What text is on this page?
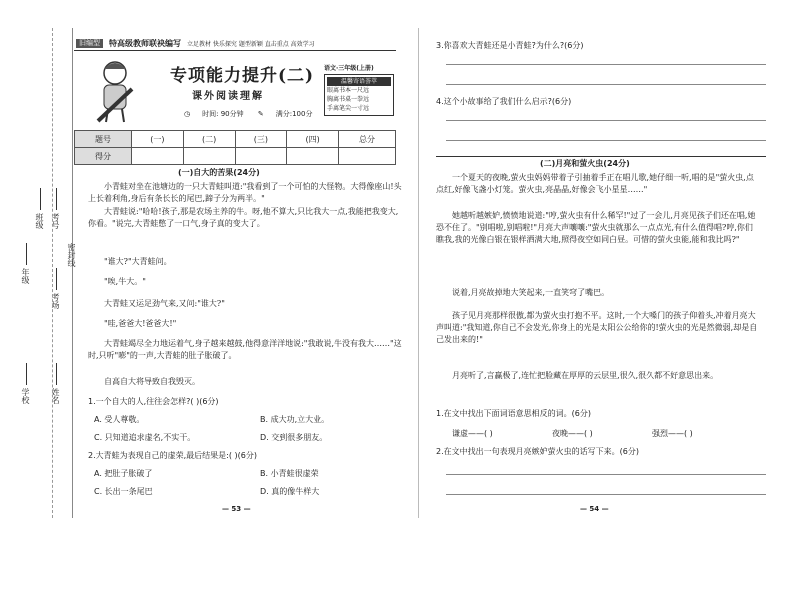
班级 考号
年级
考场
密封线
学校	姓名
旧编型	特高级教师联袂编写 立足教材 快乐探究 题型新颖 直击重点 高效学习
专项能力提升(二)
课外阅读理解
◷ 时间: 90分钟 ✎ 满分:100分
语文·三年级(上册)
温馨寄语荟萃
眼离书本一尺远
胸离书桌一拳远
手离笔尖一寸远
题号	(一)	(二)	(三)	(四)	总分
得分					
(一)自大的苦果(24分)
小青蛙对坐在池塘边的一只大青蛙叫道:"我看到了一个可怕的大怪物。大得像座山!头上长着利角,身后有条长长的尾巴,蹄子分为两半。"
大青蛙说:"哈哈!孩子,那是农场主养的牛。呀,他不算大,只比我大一点,我能把我变大,你看。"说完,大青蛙憋了一口气,身子真的变大了。
"谁大?"大青蛙问。
"唉,牛大。"
大青蛙又运足劲气来,又问:"谁大?"
"哇,爸爸大!爸爸大!"
大青蛙竭尽全力地运着气,身子越来越鼓,他得意洋洋地说:"我敢说,牛没有我大……"这时,只听"嘭"的一声,大青蛙的肚子胀破了。
自高自大将导致自我毁灭。
1.一个自大的人,往往会怎样?( )(6分)
A. 受人尊敬。	B. 成大功,立大业。
C. 只知道追求虚名,不实干。	D. 交到很多朋友。
2.大青蛙为表现自己的虚荣,最后结果是:( )(6分)
A. 把肚子胀破了	B. 小青蛙很虚荣
C. 长出一条尾巴	D. 真的像牛样大
— 53 —
3.你喜欢大青蛙还是小青蛙?为什么?(6分)
4.这个小故事给了我们什么启示?(6分)
(二)月亮和萤火虫(24分)
一个夏天的夜晚,萤火虫妈妈带着子引抽着手正在唱儿歌,她仔细一听,唱的是"萤火虫,点点红,好像飞盏小灯笼。萤火虫,亮晶晶,好像会飞小星星……"
她越听越嫉妒,愤愤地说道:"哼,萤火虫有什么稀罕!"过了一会儿,月亮见孩子们还在唱,她恐不住了。"别唱啦,别唱啦!"月亮大声嚷嚷:"萤火虫就那么一点点光,有什么值得唱?哼,你们瞧我,我的光像白银在银样洒满大地,照得夜空如同白昼。可惜的萤火虫能,能和我比吗?"
说着,月亮故掉地大笑起来,一直笑穹了嘴巴。
孩子见月亮那样很傲,都为萤火虫打抱不平。这时,一个大嗓门的孩子仰着头,冲着月亮大声叫道:"我知道,你自己不会发光,你身上的光是太阳公公给你的!萤火虫的光是然微弱,却是自己发出来的!"
月亮听了,言赢极了,连忙把脸藏在厚厚的云层里,很久,很久都不好意思出来。
1.在文中找出下面词语意思相反的词。(6分)
谦虚——( )	夜晚——( )	强烈——( )
2.在文中找出一句表现月亮嫉妒萤火虫的话写下来。(6分)
— 54 —
